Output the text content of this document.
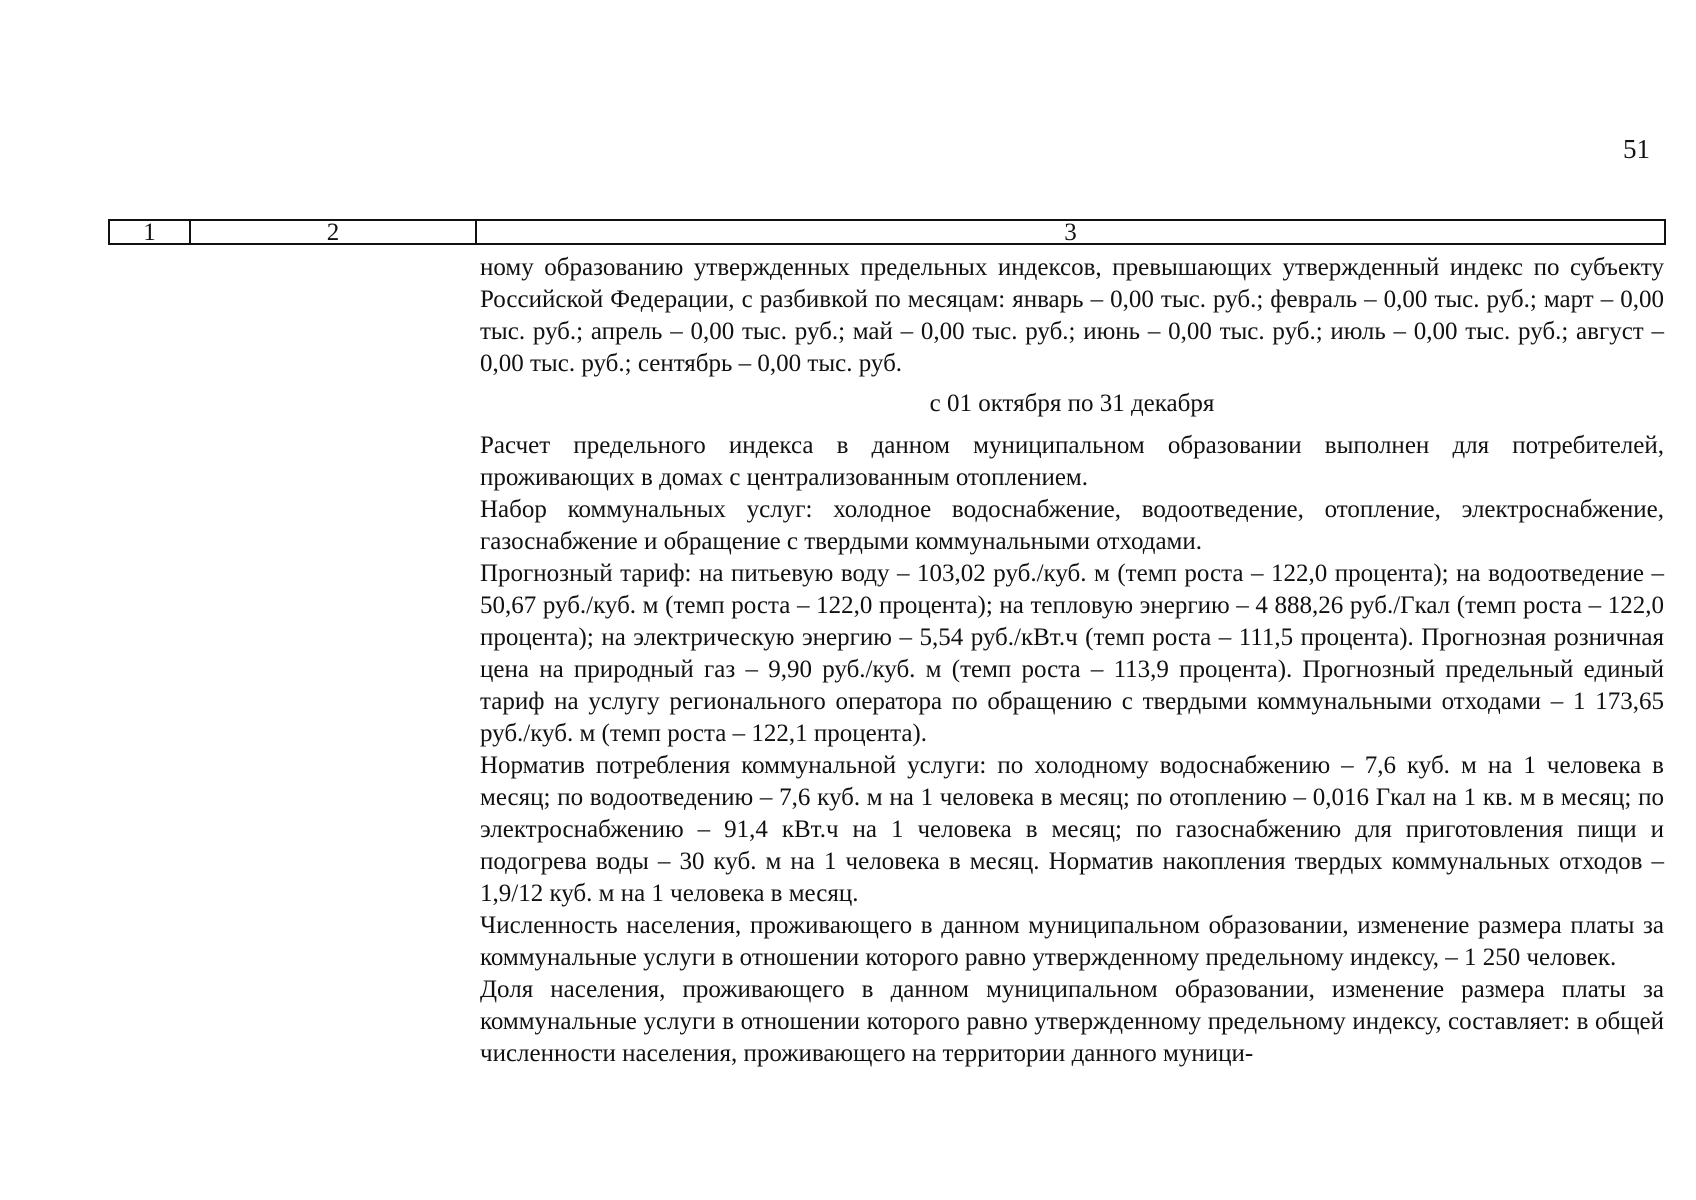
51
1	2	3

ному образованию утвержденных предельных индексов, превышающих утвержденный индекс по субъекту Российской Федерации, с разбивкой по месяцам: январь – 0,00 тыс. руб.; февраль – 0,00 тыс. руб.; март – 0,00 тыс. руб.; апрель – 0,00 тыс. руб.; май – 0,00 тыс. руб.; июнь – 0,00 тыс. руб.; июль – 0,00 тыс. руб.; август – 0,00 тыс. руб.; сентябрь – 0,00 тыс. руб.

с 01 октября по 31 декабря

Расчет предельного индекса в данном муниципальном образовании выполнен для потребителей, проживающих в домах с централизованным отоплением.

Набор коммунальных услуг: холодное водоснабжение, водоотведение, отопление, электроснабжение, газоснабжение и обращение с твердыми коммунальными отходами.

Прогнозный тариф: на питьевую воду – 103,02 руб./куб. м (темп роста – 122,0 процента); на водоотведение – 50,67 руб./куб. м (темп роста – 122,0 процента); на тепловую энергию – 4 888,26 руб./Гкал (темп роста – 122,0 процента); на электрическую энергию – 5,54 руб./кВт.ч (темп роста – 111,5 процента). Прогнозная розничная цена на природный газ – 9,90 руб./куб. м (темп роста – 113,9 процента). Прогнозный предельный единый тариф на услугу регионального оператора по обращению с твердыми коммунальными отходами – 1 173,65 руб./куб. м (темп роста – 122,1 процента).

Норматив потребления коммунальной услуги: по холодному водоснабжению – 7,6 куб. м на 1 человека в месяц; по водоотведению – 7,6 куб. м на 1 человека в месяц; по отоплению – 0,016 Гкал на 1 кв. м в месяц; по электроснабжению – 91,4 кВт.ч на 1 человека в месяц; по газоснабжению для приготовления пищи и подогрева воды – 30 куб. м на 1 человека в месяц. Норматив накопления твердых коммунальных отходов – 1,9/12 куб. м на 1 человека в месяц.

Численность населения, проживающего в данном муниципальном образовании, изменение размера платы за коммунальные услуги в отношении которого равно утвержденному предельному индексу, – 1 250 человек.

Доля населения, проживающего в данном муниципальном образовании, изменение размера платы за коммунальные услуги в отношении которого равно утвержденному предельному индексу, составляет: в общей численности населения, проживающего на территории данного муници-
